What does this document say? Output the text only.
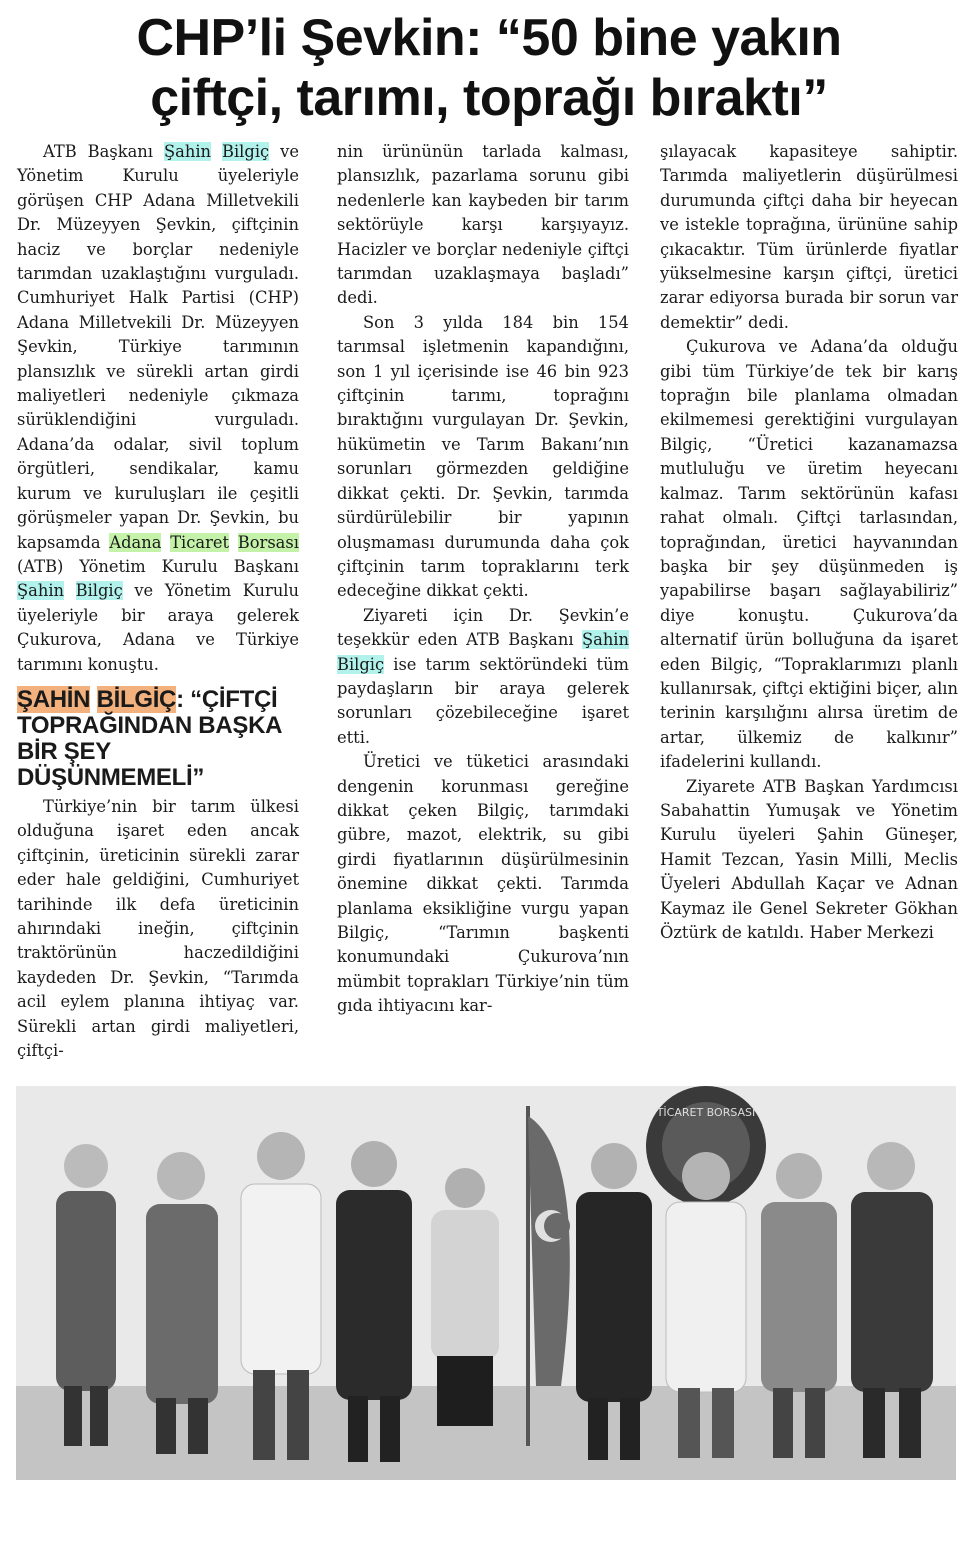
CHP’li Şevkin: “50 bine yakın
çiftçi, tarımı, toprağı bıraktı”

ATB Başkanı Şahin Bilgiç ve Yönetim Kurulu üyeleriyle görüşen CHP Adana Milletvekili Dr. Müzeyyen Şevkin, çiftçinin haciz ve borçlar nedeniyle tarımdan uzaklaştığını vurguladı. Cumhuriyet Halk Partisi (CHP) Adana Milletvekili Dr. Müzeyyen Şevkin, Türkiye tarımının plansızlık ve sürekli artan girdi maliyetleri nedeniyle çıkmaza sürüklendiğini vurguladı. Adana’da odalar, sivil toplum örgütleri, sendikalar, kamu kurum ve kuruluşları ile çeşitli görüşmeler yapan Dr. Şevkin, bu kapsamda Adana Ticaret Borsası (ATB) Yönetim Kurulu Başkanı Şahin Bilgiç ve Yönetim Kurulu üyeleriyle bir araya gelerek Çukurova, Adana ve Türkiye tarımını konuştu.

ŞAHİN BİLGİÇ: “ÇİFTÇİ TOPRAĞINDAN BAŞKA BİR ŞEY DÜŞÜNMEMELİ”

Türkiye’nin bir tarım ülkesi olduğuna işaret eden ancak çiftçinin, üreticinin sürekli zarar eder hale geldiğini, Cumhuriyet tarihinde ilk defa üreticinin ahırındaki ineğin, çiftçinin traktörünün haczedildiğini kaydeden Dr. Şevkin, “Tarımda acil eylem planına ihtiyaç var. Sürekli artan girdi maliyetleri, çiftçi-

nin ürününün tarlada kalması, plansızlık, pazarlama sorunu gibi nedenlerle kan kaybeden bir tarım sektörüyle karşı karşıyayız. Hacizler ve borçlar nedeniyle çiftçi tarımdan uzaklaşmaya başladı” dedi.

Son 3 yılda 184 bin 154 tarımsal işletmenin kapandığını, son 1 yıl içerisinde ise 46 bin 923 çiftçinin tarımı, toprağını bıraktığını vurgulayan Dr. Şevkin, hükümetin ve Tarım Bakanı’nın sorunları görmezden geldiğine dikkat çekti. Dr. Şevkin, tarımda sürdürülebilir bir yapının oluşmaması durumunda daha çok çiftçinin tarım topraklarını terk edeceğine dikkat çekti.

Ziyareti için Dr. Şevkin’e teşekkür eden ATB Başkanı Şahin Bilgiç ise tarım sektöründeki tüm paydaşların bir araya gelerek sorunları çözebileceğine işaret etti.

Üretici ve tüketici arasındaki dengenin korunması gereğine dikkat çeken Bilgiç, tarımdaki gübre, mazot, elektrik, su gibi girdi fiyatlarının düşürülmesinin önemine dikkat çekti. Tarımda planlama eksikliğine vurgu yapan Bilgiç, “Tarımın başkenti konumundaki Çukurova’nın mümbit toprakları Türkiye’nin tüm gıda ihtiyacını kar-

şılayacak kapasiteye sahiptir. Tarımda maliyetlerin düşürülmesi durumunda çiftçi daha bir heyecan ve istekle toprağına, ürününe sahip çıkacaktır. Tüm ürünlerde fiyatlar yükselmesine karşın çiftçi, üretici zarar ediyorsa burada bir sorun var demektir” dedi.

Çukurova ve Adana’da olduğu gibi tüm Türkiye’de tek bir karış toprağın bile planlama olmadan ekilmemesi gerektiğini vurgulayan Bilgiç, “Üretici kazanamazsa mutluluğu ve üretim heyecanı kalmaz. Tarım sektörünün kafası rahat olmalı. Çiftçi tarlasından, toprağından, üretici hayvanından başka bir şey düşünmeden iş yapabilirse başarı sağlayabiliriz” diye konuştu. Çukurova’da alternatif ürün bolluğuna da işaret eden Bilgiç, “Topraklarımızı planlı kullanırsak, çiftçi ektiğini biçer, alın terinin karşılığını alırsa üretim de artar, ülkemiz de kalkınır” ifadelerini kullandı.

Ziyarete ATB Başkan Yardımcısı Sabahattin Yumuşak ve Yönetim Kurulu üyeleri Şahin Güneşer, Hamit Tezcan, Yasin Milli, Meclis Üyeleri Abdullah Kaçar ve Adnan Kaymaz ile Genel Sekreter Gökhan Öztürk de katıldı. Haber Merkezi

TİCARET BORSASI
